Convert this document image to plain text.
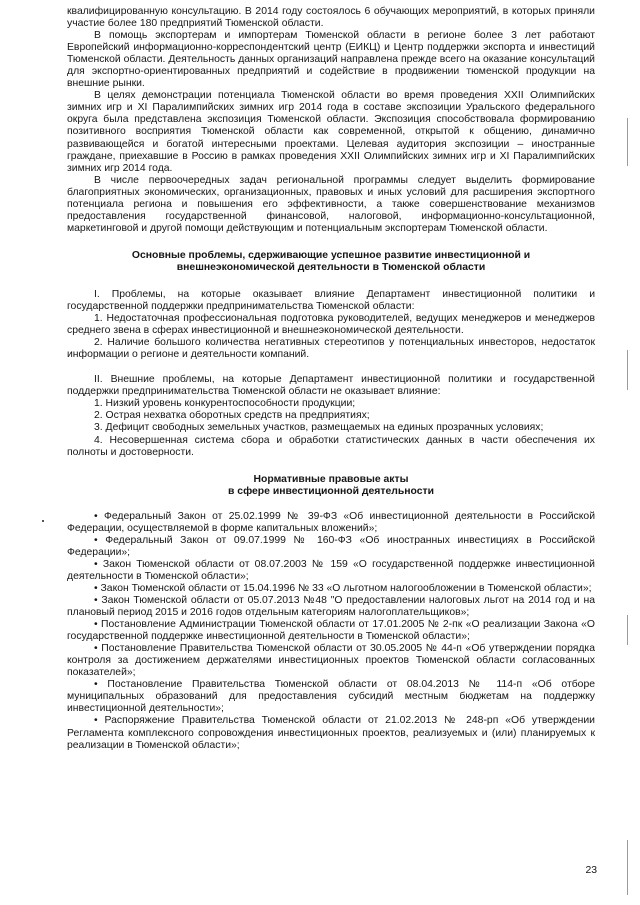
квалифицированную консультацию. В 2014 году состоялось 6 обучающих мероприятий, в которых приняли участие более 180 предприятий Тюменской области.

В помощь экспортерам и импортерам Тюменской области в регионе более 3 лет работают Европейский информационно-корреспондентский центр (ЕИКЦ) и Центр поддержки экспорта и инвестиций Тюменской области. Деятельность данных организаций направлена прежде всего на оказание консультаций для экспортно-ориентированных предприятий и содействие в продвижении тюменской продукции на внешние рынки.

В целях демонстрации потенциала Тюменской области во время проведения XXII Олимпийских зимних игр и XI Паралимпийских зимних игр 2014 года в составе экспозиции Уральского федерального округа была представлена экспозиция Тюменской области. Экспозиция способствовала формированию позитивного восприятия Тюменской области как современной, открытой к общению, динамично развивающейся и богатой интересными проектами. Целевая аудитория экспозиции – иностранные граждане, приехавшие в Россию в рамках проведения XXII Олимпийских зимних игр и XI Паралимпийских зимних игр 2014 года.

В числе первоочередных задач региональной программы следует выделить формирование благоприятных экономических, организационных, правовых и иных условий для расширения экспортного потенциала региона и повышения его эффективности, а также совершенствование механизмов предоставления государственной финансовой, налоговой, информационно-консультационной, маркетинговой и другой помощи действующим и потенциальным экспортерам Тюменской области.

Основные проблемы, сдерживающие успешное развитие инвестиционной и внешнеэкономической деятельности в Тюменской области

I. Проблемы, на которые оказывает влияние Департамент инвестиционной политики и государственной поддержки предпринимательства Тюменской области:

1. Недостаточная профессиональная подготовка руководителей, ведущих менеджеров и менеджеров среднего звена в сферах инвестиционной и внешнеэкономической деятельности.

2. Наличие большого количества негативных стереотипов у потенциальных инвесторов, недостаток информации о регионе и деятельности компаний.

II. Внешние проблемы, на которые Департамент инвестиционной политики и государственной поддержки предпринимательства Тюменской области не оказывает влияние:

1. Низкий уровень конкурентоспособности продукции;

2. Острая нехватка оборотных средств на предприятиях;

3. Дефицит свободных земельных участков, размещаемых на единых прозрачных условиях;

4. Несовершенная система сбора и обработки статистических данных в части обеспечения их полноты и достоверности.

Нормативные правовые акты

в сфере инвестиционной деятельности

• Федеральный Закон от 25.02.1999 № 39-ФЗ «Об инвестиционной деятельности в Российской Федерации, осуществляемой в форме капитальных вложений»;

• Федеральный Закон от 09.07.1999 № 160-ФЗ «Об иностранных инвестициях в Российской Федерации»;

• Закон Тюменской области от 08.07.2003 № 159 «О государственной поддержке инвестиционной деятельности в Тюменской области»;

• Закон Тюменской области от 15.04.1996 № 33 «О льготном налогообложении в Тюменской области»;

• Закон Тюменской области от 05.07.2013 №48 "О предоставлении налоговых льгот на 2014 год и на плановый период 2015 и 2016 годов отдельным категориям налогоплательщиков»;

• Постановление Администрации Тюменской области от 17.01.2005 № 2-пк «О реализации Закона «О государственной поддержке инвестиционной деятельности в Тюменской области»;

• Постановление Правительства Тюменской области от 30.05.2005 № 44-п «Об утверждении порядка контроля за достижением держателями инвестиционных проектов Тюменской области согласованных показателей»;

• Постановление Правительства Тюменской области от 08.04.2013 № 114-п «Об отборе муниципальных образований для предоставления субсидий местным бюджетам на поддержку инвестиционной деятельности»;

• Распоряжение Правительства Тюменской области от 21.02.2013 № 248-рп «Об утверждении Регламента комплексного сопровождения инвестиционных проектов, реализуемых и (или) планируемых к реализации в Тюменской области»;

23
